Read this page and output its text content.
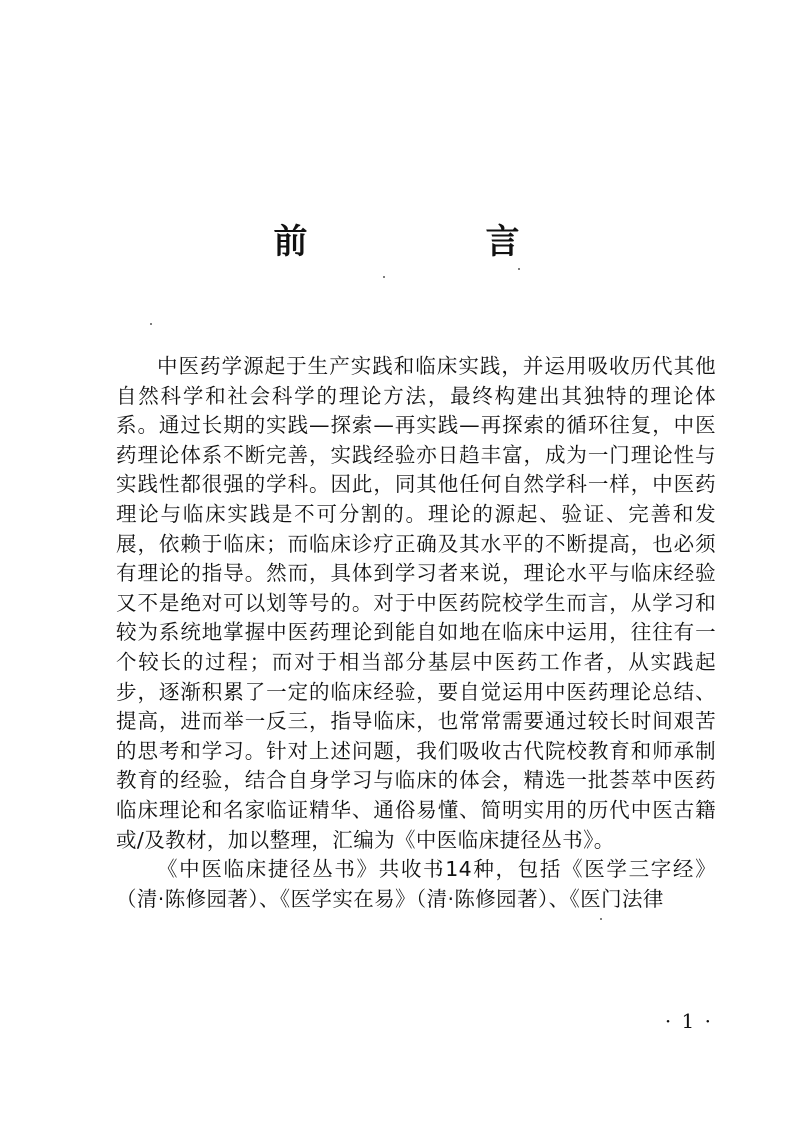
前　言

中医药学源起于生产实践和临床实践，并运用吸收历代其他自然科学和社会科学的理论方法，最终构建出其独特的理论体系。通过长期的实践—探索—再实践—再探索的循环往复，中医药理论体系不断完善，实践经验亦日趋丰富，成为一门理论性与实践性都很强的学科。因此，同其他任何自然学科一样，中医药理论与临床实践是不可分割的。理论的源起、验证、完善和发展，依赖于临床；而临床诊疗正确及其水平的不断提高，也必须有理论的指导。然而，具体到学习者来说，理论水平与临床经验又不是绝对可以划等号的。对于中医药院校学生而言，从学习和较为系统地掌握中医药理论到能自如地在临床中运用，往往有一个较长的过程；而对于相当部分基层中医药工作者，从实践起步，逐渐积累了一定的临床经验，要自觉运用中医药理论总结、提高，进而举一反三，指导临床，也常常需要通过较长时间艰苦的思考和学习。针对上述问题，我们吸收古代院校教育和师承制教育的经验，结合自身学习与临床的体会，精选一批荟萃中医药临床理论和名家临证精华、通俗易懂、简明实用的历代中医古籍或/及教材，加以整理，汇编为《中医临床捷径丛书》。

《中医临床捷径丛书》共收书14种，包括《医学三字经》（清·陈修园著）、《医学实在易》（清·陈修园著）、《医门法律

· 1 ·
